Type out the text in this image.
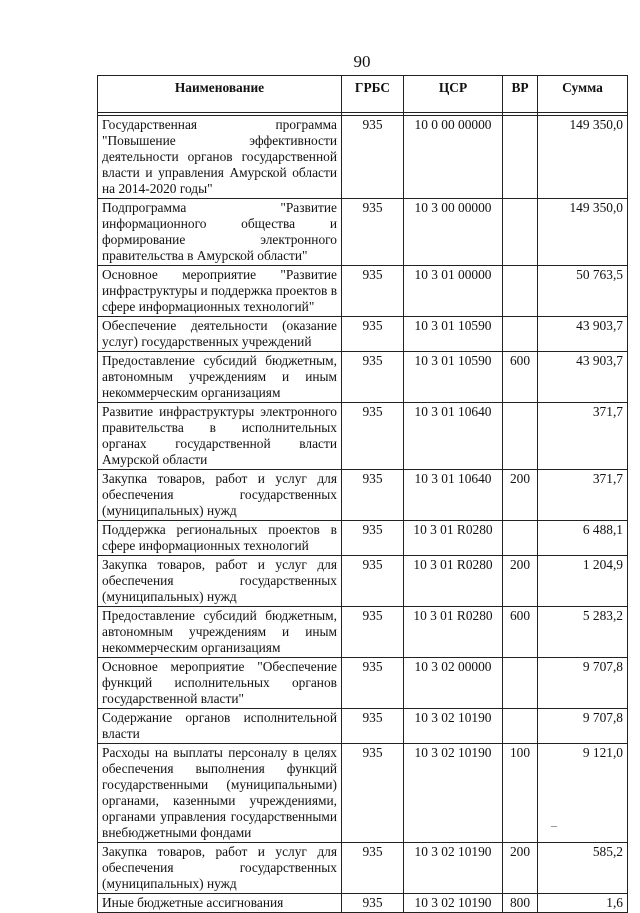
90
Наименование	ГРБС	ЦСР	ВР	Сумма

Государственная программа "Повышение эффективности деятельности органов государственной власти и управления Амурской области на 2014-2020 годы"	935	10 0 00 00000		149 350,0
Подпрограмма "Развитие информационного общества и формирование электронного правительства в Амурской области"	935	10 3 00 00000		149 350,0
Основное мероприятие "Развитие инфраструктуры и поддержка проектов в сфере информационных технологий"	935	10 3 01 00000		50 763,5
Обеспечение деятельности (оказание услуг) государственных учреждений	935	10 3 01 10590		43 903,7
Предоставление субсидий бюджетным, автономным учреждениям и иным некоммерческим организациям	935	10 3 01 10590	600	43 903,7
Развитие инфраструктуры электронного правительства в исполнительных органах государственной власти Амурской области	935	10 3 01 10640		371,7
Закупка товаров, работ и услуг для обеспечения государственных (муниципальных) нужд	935	10 3 01 10640	200	371,7
Поддержка региональных проектов в сфере информационных технологий	935	10 3 01 R0280		6 488,1
Закупка товаров, работ и услуг для обеспечения государственных (муниципальных) нужд	935	10 3 01 R0280	200	1 204,9
Предоставление субсидий бюджетным, автономным учреждениям и иным некоммерческим организациям	935	10 3 01 R0280	600	5 283,2
Основное мероприятие "Обеспечение функций исполнительных органов государственной власти"	935	10 3 02 00000		9 707,8
Содержание органов исполнительной власти	935	10 3 02 10190		9 707,8
Расходы на выплаты персоналу в целях обеспечения выполнения функций государственными (муниципальными) органами, казенными учреждениями, органами управления государственными внебюджетными фондами	935	10 3 02 10190	100	9 121,0
Закупка товаров, работ и услуг для обеспечения государственных (муниципальных) нужд	935	10 3 02 10190	200	585,2
Иные бюджетные ассигнования	935	10 3 02 10190	800	1,6
